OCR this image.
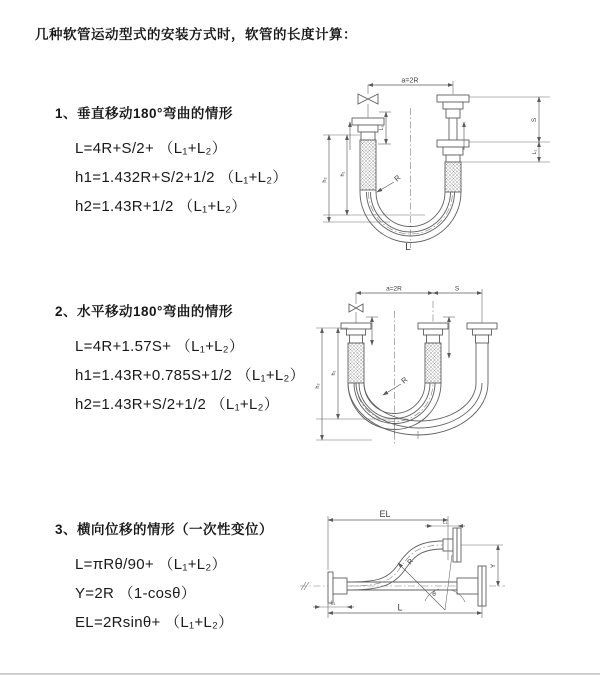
几种软管运动型式的安装方式时，软管的长度计算：
1、垂直移动180°弯曲的情形
L=4R+S/2+ （L₁+L₂）
h1=1.432R+S/2+1/2 （L₁+L₂）
h2=1.43R+1/2 （L₁+L₂）
2、水平移动180°弯曲的情形
L=4R+1.57S+ （L₁+L₂）
h1=1.43R+0.785S+1/2 （L₁+L₂）
h2=1.43R+S/2+1/2 （L₁+L₂）
3、横向位移的情形（一次性变位）
L=πRθ/90+ （L₁+L₂）
Y=2R （1-cosθ）
EL=2Rsinθ+ （L₁+L₂）
a=2R
L₁
S
L₁
h₁
h₂	R
L
a=2R	S
h₁
h₂
R
EL
L₁
Y
R
θ
L
L₁
